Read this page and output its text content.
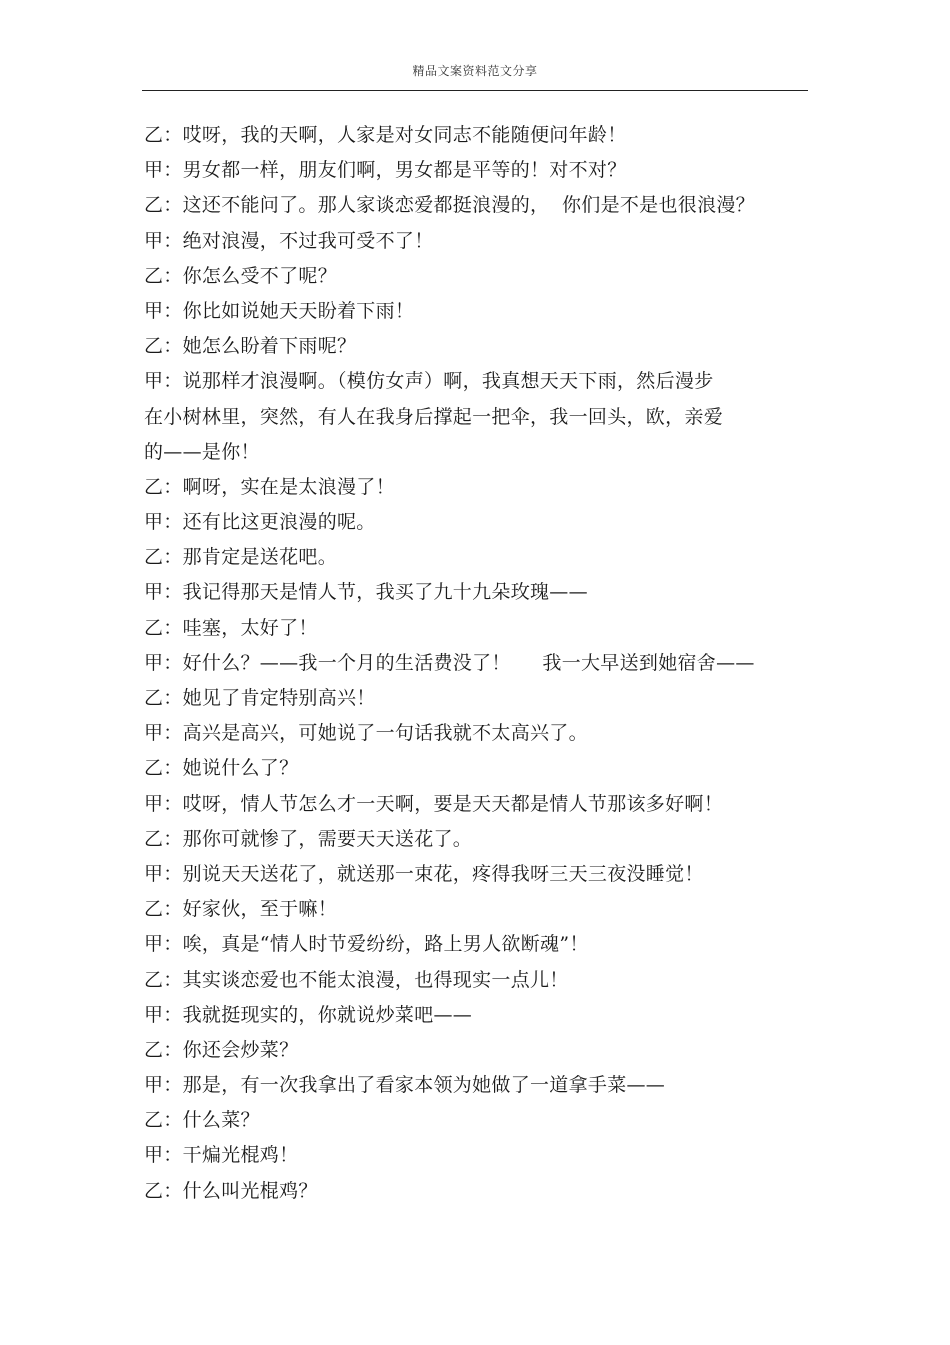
精品文案资料范文分享
乙：哎呀，我的天啊，人家是对女同志不能随便问年龄！
甲：男女都一样，朋友们啊，男女都是平等的！对不对？
乙：这还不能问了。那人家谈恋爱都挺浪漫的，  你们是不是也很浪漫？
甲：绝对浪漫，不过我可受不了！
乙：你怎么受不了呢？
甲：你比如说她天天盼着下雨！
乙：她怎么盼着下雨呢？
甲：说那样才浪漫啊。（模仿女声）啊，我真想天天下雨，然后漫步
在小树林里，突然，有人在我身后撑起一把伞，我一回头，欧，亲爱
的——是你！
乙：啊呀，实在是太浪漫了！
甲：还有比这更浪漫的呢。
乙：那肯定是送花吧。
甲：我记得那天是情人节，我买了九十九朵玫瑰——
乙：哇塞，太好了！
甲：好什么？——我一个月的生活费没了！     我一大早送到她宿舍——
乙：她见了肯定特别高兴！
甲：高兴是高兴，可她说了一句话我就不太高兴了。
乙：她说什么了？
甲：哎呀，情人节怎么才一天啊，要是天天都是情人节那该多好啊！
乙：那你可就惨了，需要天天送花了。
甲：别说天天送花了，就送那一束花，疼得我呀三天三夜没睡觉！
乙：好家伙，至于嘛！
甲：唉，真是“情人时节爱纷纷，路上男人欲断魂”！
乙：其实谈恋爱也不能太浪漫，也得现实一点儿！
甲：我就挺现实的，你就说炒菜吧——
乙：你还会炒菜？
甲：那是，有一次我拿出了看家本领为她做了一道拿手菜——
乙：什么菜？
甲：干煸光棍鸡！
乙：什么叫光棍鸡？
